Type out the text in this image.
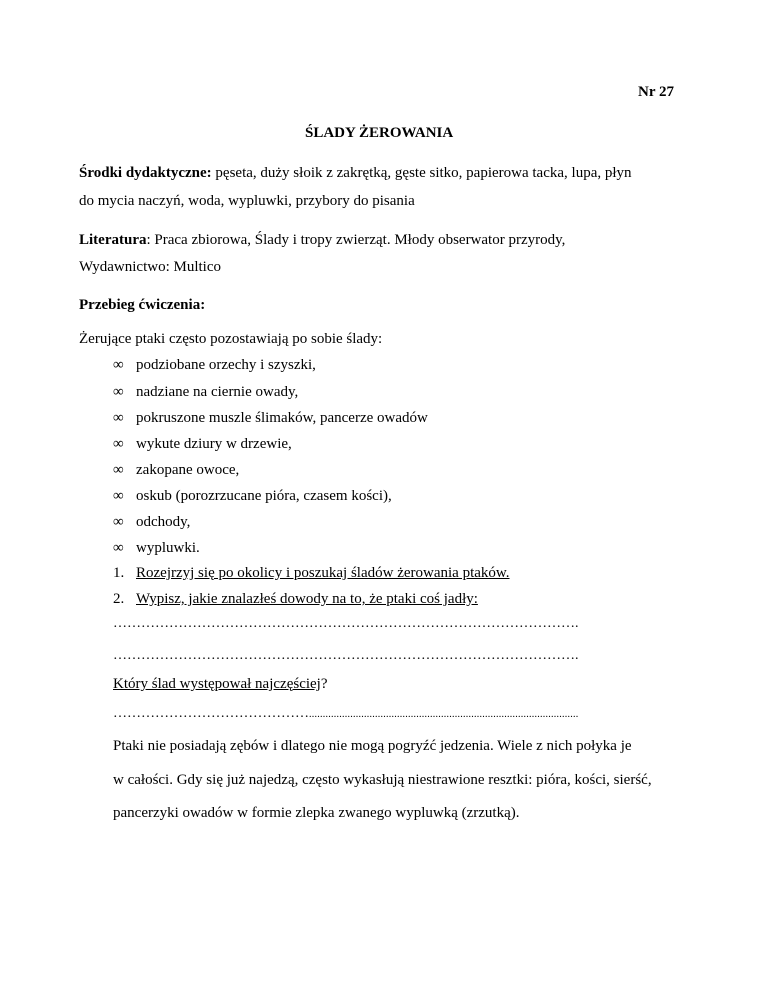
Nr 27
ŚLADY ŻEROWANIA
Środki dydaktyczne: pęseta, duży słoik z zakrętką, gęste sitko, papierowa tacka, lupa, płyn
do mycia naczyń, woda, wypluwki, przybory do pisania
Literatura: Praca zbiorowa, Ślady i tropy zwierząt. Młody obserwator przyrody,
Wydawnictwo: Multico
Przebieg ćwiczenia:
Żerujące ptaki często pozostawiają po sobie ślady:
∞ podziobane orzechy i szyszki,
∞ nadziane na ciernie owady,
∞ pokruszone muszle ślimaków, pancerze owadów
∞ wykute dziury w drzewie,
∞ zakopane owoce,
∞ oskub (porozrzucane pióra, czasem kości),
∞ odchody,
∞ wypluwki.
1. Rozejrzyj się po okolicy i poszukaj śladów żerowania ptaków.
2. Wypisz, jakie znalazłeś dowody na to, że ptaki coś jadły:
……………………………………………………………………………………….
……………………………………………………………………………………….
Który ślad występował najczęściej?
……………………………………..................................................................................................
Ptaki nie posiadają zębów i dlatego nie mogą pogryźć jedzenia. Wiele z nich połyka je
w całości. Gdy się już najedzą, często wykasłują niestrawione resztki: pióra, kości, sierść,
pancerzyki owadów w formie zlepka zwanego wypluwką (zrzutką).
